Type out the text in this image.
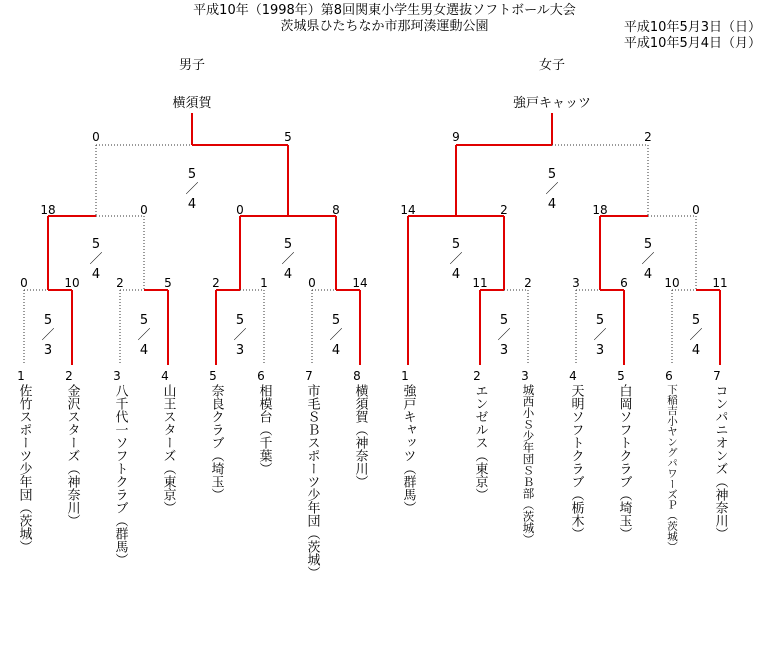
平成10年（1998年）第8回関東小学生男女選抜ソフトボール大会
茨城県ひたちなか市那珂湊運動公園	平成10年5月3日（日）
平成10年5月4日（月）
男子
横須賀
女子
強戸キャッツ
0	5
18	0	0	8
0	10	2	5	2	1	0	14
9	2
14	2	18	0
11	2	3	6	10	11
5
／
4
5
／
4
5
／
4
5
／
3
5
／
4
5
／
3
5
／
4
5
／
4
5
／
4
5
／
4
5
／
3
5
／
3
5
／
4
1
佐竹スポーツ少年団（茨城）
2
金沢スターズ（神奈川）
3
八千代一ソフトクラブ（群馬）
4
山王スターズ（東京）
5
奈良クラブ（埼玉）
6
相模台（千葉）
7
市毛ＳＢスポーツ少年団（茨城）
8
横須賀（神奈川）
1
強戸キャッツ（群馬）
2
エンゼルス（東京）
3
城西小Ｓ少年団ＳＢ部（茨城）
4
天明ソフトクラブ（栃木）
5
白岡ソフトクラブ（埼玉）
6
下稲吉小ヤングパワーズＰ（茨城）
7
コンパニオンズ（神奈川）
